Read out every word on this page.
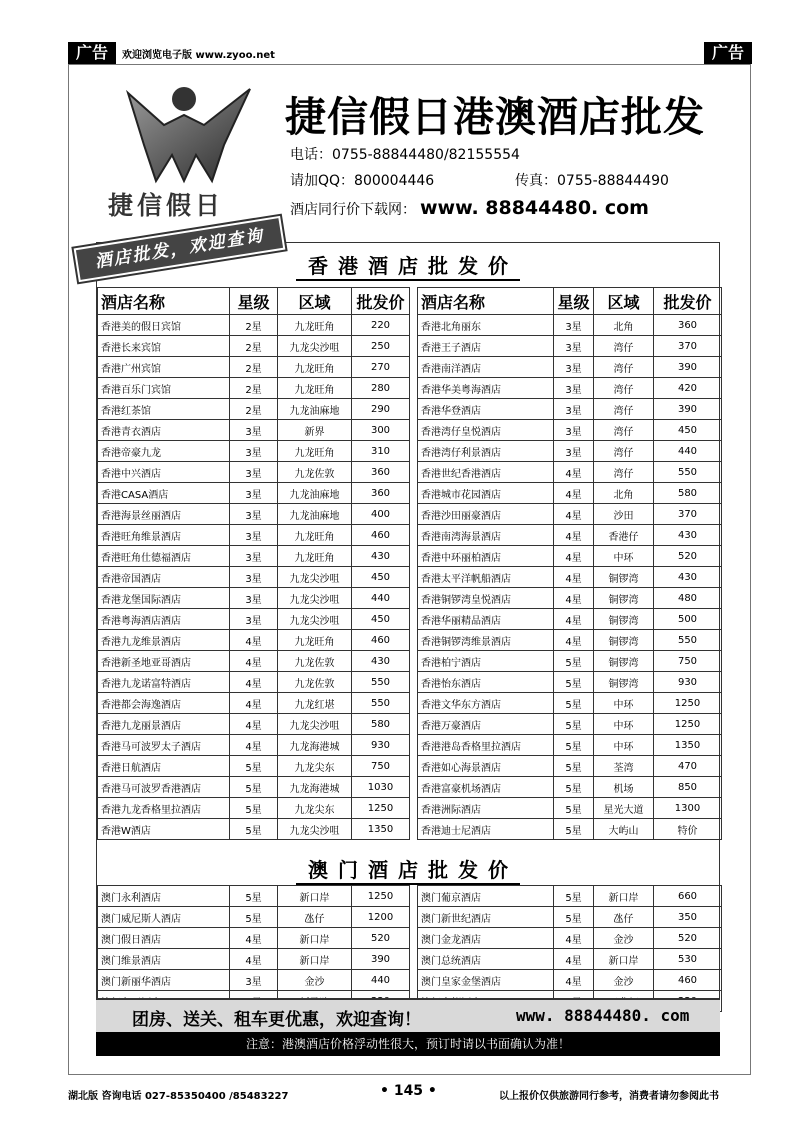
广告	欢迎浏览电子版 www.zyoo.net	广告
捷信假日
捷信假日港澳酒店批发
电话：0755-88844480/82155554
请加QQ：800004446	传真：0755-88844490
酒店同行价下载网： www. 88844480. com
香港酒店批发价
酒店名称	星级	区域	批发价
香港美的假日宾馆	2星	九龙旺角	220
香港长来宾馆	2星	九龙尖沙咀	250
香港广州宾馆	2星	九龙旺角	270
香港百乐门宾馆	2星	九龙旺角	280
香港红茶馆	2星	九龙油麻地	290
香港青衣酒店	3星	新界	300
香港帝豪九龙	3星	九龙旺角	310
香港中兴酒店	3星	九龙佐敦	360
香港CASA酒店	3星	九龙油麻地	360
香港海景丝丽酒店	3星	九龙油麻地	400
香港旺角维景酒店	3星	九龙旺角	460
香港旺角仕德福酒店	3星	九龙旺角	430
香港帝国酒店	3星	九龙尖沙咀	450
香港龙堡国际酒店	3星	九龙尖沙咀	440
香港粤海酒店酒店	3星	九龙尖沙咀	450
香港九龙维景酒店	4星	九龙旺角	460
香港新圣地亚哥酒店	4星	九龙佐敦	430
香港九龙诺富特酒店	4星	九龙佐敦	550
香港都会海逸酒店	4星	九龙红堪	550
香港九龙丽景酒店	4星	九龙尖沙咀	580
香港马可波罗太子酒店	4星	九龙海港城	930
香港日航酒店	5星	九龙尖东	750
香港马可波罗香港酒店	5星	九龙海港城	1030
香港九龙香格里拉酒店	5星	九龙尖东	1250
香港W酒店	5星	九龙尖沙咀	1350
酒店名称	星级	区域	批发价
香港北角丽东	3星	北角	360
香港王子酒店	3星	湾仔	370
香港南洋酒店	3星	湾仔	390
香港华美粤海酒店	3星	湾仔	420
香港华登酒店	3星	湾仔	390
香港湾仔皇悦酒店	3星	湾仔	450
香港湾仔利景酒店	3星	湾仔	440
香港世纪香港酒店	4星	湾仔	550
香港城市花园酒店	4星	北角	580
香港沙田丽豪酒店	4星	沙田	370
香港南湾海景酒店	4星	香港仔	430
香港中环丽柏酒店	4星	中环	520
香港太平洋帆船酒店	4星	铜锣湾	430
香港铜锣湾皇悦酒店	4星	铜锣湾	480
香港华丽精品酒店	4星	铜锣湾	500
香港铜锣湾维景酒店	4星	铜锣湾	550
香港柏宁酒店	5星	铜锣湾	750
香港怡东酒店	5星	铜锣湾	930
香港文华东方酒店	5星	中环	1250
香港万豪酒店	5星	中环	1250
香港港岛香格里拉酒店	5星	中环	1350
香港如心海景酒店	5星	荃湾	470
香港富豪机场酒店	5星	机场	850
香港洲际酒店	5星	星光大道	1300
香港迪士尼酒店	5星	大屿山	特价
澳门酒店批发价
澳门永利酒店	5星	新口岸	1250
澳门威尼斯人酒店	5星	氹仔	1200
澳门假日酒店	4星	新口岸	520
澳门维景酒店	4星	新口岸	390
澳门新丽华酒店	3星	金沙	440

澳门葡京酒店	5星	新口岸	660
澳门新世纪酒店	5星	氹仔	350
澳门金龙酒店	4星	金沙	520
澳门总统酒店	4星	新口岸	530
澳门皇家金堡酒店	4星	金沙	460

酒店批发，欢迎查询
团房、送关、租车更优惠，欢迎查询！	www. 88844480. com
注意：港澳酒店价格浮动性很大，预订时请以书面确认为准！
湖北版 咨询电话 027-85350400 /85483227	• 145 •	以上报价仅供旅游同行参考，消费者请勿参阅此书
